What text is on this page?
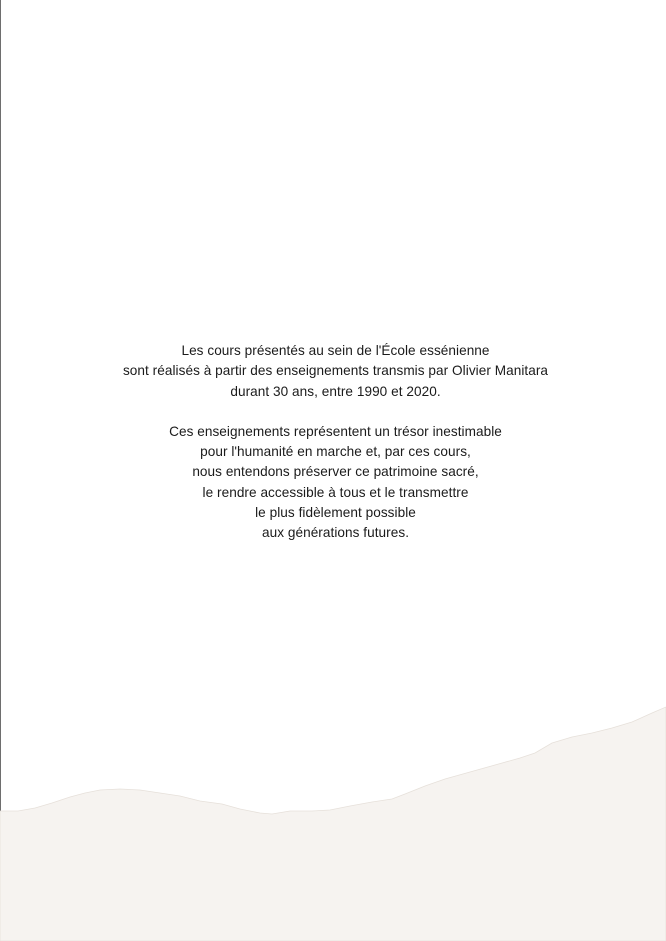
Les cours présentés au sein de l'École essénienne
sont réalisés à partir des enseignements transmis par Olivier Manitara
durant 30 ans, entre 1990 et 2020.

Ces enseignements représentent un trésor inestimable
pour l'humanité en marche et, par ces cours,
nous entendons préserver ce patrimoine sacré,
le rendre accessible à tous et le transmettre
le plus fidèlement possible
aux générations futures.
